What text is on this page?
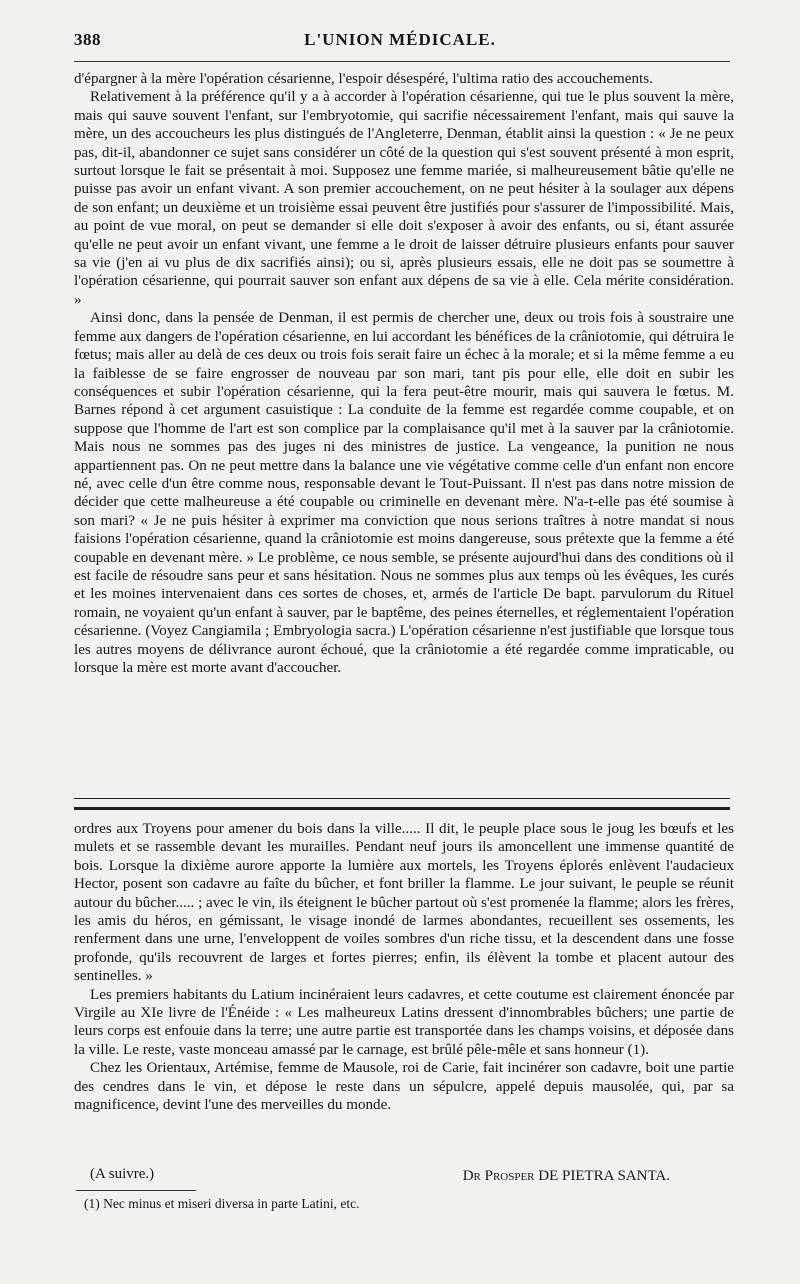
388	L'UNION MÉDICALE.

d'épargner à la mère l'opération césarienne, l'espoir désespéré, l'ultima ratio des accouchements.

Relativement à la préférence qu'il y a à accorder à l'opération césarienne, qui tue le plus souvent la mère, mais qui sauve souvent l'enfant, sur l'embryotomie, qui sacrifie nécessairement l'enfant, mais qui sauve la mère, un des accoucheurs les plus distingués de l'Angleterre, Denman, établit ainsi la question : « Je ne peux pas, dit-il, abandonner ce sujet sans considérer un côté de la question qui s'est souvent présenté à mon esprit, surtout lorsque le fait se présentait à moi. Supposez une femme mariée, si malheureusement bâtie qu'elle ne puisse pas avoir un enfant vivant. A son premier accouchement, on ne peut hésiter à la soulager aux dépens de son enfant; un deuxième et un troisième essai peuvent être justifiés pour s'assurer de l'impossibilité. Mais, au point de vue moral, on peut se demander si elle doit s'exposer à avoir des enfants, ou si, étant assurée qu'elle ne peut avoir un enfant vivant, une femme a le droit de laisser détruire plusieurs enfants pour sauver sa vie (j'en ai vu plus de dix sacrifiés ainsi); ou si, après plusieurs essais, elle ne doit pas se soumettre à l'opération césarienne, qui pourrait sauver son enfant aux dépens de sa vie à elle. Cela mérite considération. »

Ainsi donc, dans la pensée de Denman, il est permis de chercher une, deux ou trois fois à soustraire une femme aux dangers de l'opération césarienne, en lui accordant les bénéfices de la crâniotomie, qui détruira le fœtus; mais aller au delà de ces deux ou trois fois serait faire un échec à la morale; et si la même femme a eu la faiblesse de se faire engrosser de nouveau par son mari, tant pis pour elle, elle doit en subir les conséquences et subir l'opération césarienne, qui la fera peut-être mourir, mais qui sauvera le fœtus. M. Barnes répond à cet argument casuistique : La conduite de la femme est regardée comme coupable, et on suppose que l'homme de l'art est son complice par la complaisance qu'il met à la sauver par la crâniotomie. Mais nous ne sommes pas des juges ni des ministres de justice. La vengeance, la punition ne nous appartiennent pas. On ne peut mettre dans la balance une vie végétative comme celle d'un enfant non encore né, avec celle d'un être comme nous, responsable devant le Tout-Puissant. Il n'est pas dans notre mission de décider que cette malheureuse a été coupable ou criminelle en devenant mère. N'a-t-elle pas été soumise à son mari? « Je ne puis hésiter à exprimer ma conviction que nous serions traîtres à notre mandat si nous faisions l'opération césarienne, quand la crâniotomie est moins dangereuse, sous prétexte que la femme a été coupable en devenant mère. » Le problème, ce nous semble, se présente aujourd'hui dans des conditions où il est facile de résoudre sans peur et sans hésitation. Nous ne sommes plus aux temps où les évêques, les curés et les moines intervenaient dans ces sortes de choses, et, armés de l'article De bapt. parvulorum du Rituel romain, ne voyaient qu'un enfant à sauver, par le baptême, des peines éternelles, et réglementaient l'opération césarienne. (Voyez Cangiamila ; Embryologia sacra.) L'opération césarienne n'est justifiable que lorsque tous les autres moyens de délivrance auront échoué, que la crâniotomie a été regardée comme impraticable, ou lorsque la mère est morte avant d'accoucher.

ordres aux Troyens pour amener du bois dans la ville..... Il dit, le peuple place sous le joug les bœufs et les mulets et se rassemble devant les murailles. Pendant neuf jours ils amoncellent une immense quantité de bois. Lorsque la dixième aurore apporte la lumière aux mortels, les Troyens éplorés enlèvent l'audacieux Hector, posent son cadavre au faîte du bûcher, et font briller la flamme. Le jour suivant, le peuple se réunit autour du bûcher..... ; avec le vin, ils éteignent le bûcher partout où s'est promenée la flamme; alors les frères, les amis du héros, en gémissant, le visage inondé de larmes abondantes, recueillent ses ossements, les renferment dans une urne, l'enveloppent de voiles sombres d'un riche tissu, et la descendent dans une fosse profonde, qu'ils recouvrent de larges et fortes pierres; enfin, ils élèvent la tombe et placent autour des sentinelles. »

Les premiers habitants du Latium incinéraient leurs cadavres, et cette coutume est clairement énoncée par Virgile au XIe livre de l'Énéide : « Les malheureux Latins dressent d'innombrables bûchers; une partie de leurs corps est enfouie dans la terre; une autre partie est transportée dans les champs voisins, et déposée dans la ville. Le reste, vaste monceau amassé par le carnage, est brûlé pêle-mêle et sans honneur (1).

Chez les Orientaux, Artémise, femme de Mausole, roi de Carie, fait incinérer son cadavre, boit une partie des cendres dans le vin, et dépose le reste dans un sépulcre, appelé depuis mausolée, qui, par sa magnificence, devint l'une des merveilles du monde.

(A suivre.)	Dr Prosper DE PIETRA SANTA.
(1) Nec minus et miseri diversa in parte Latini, etc.
